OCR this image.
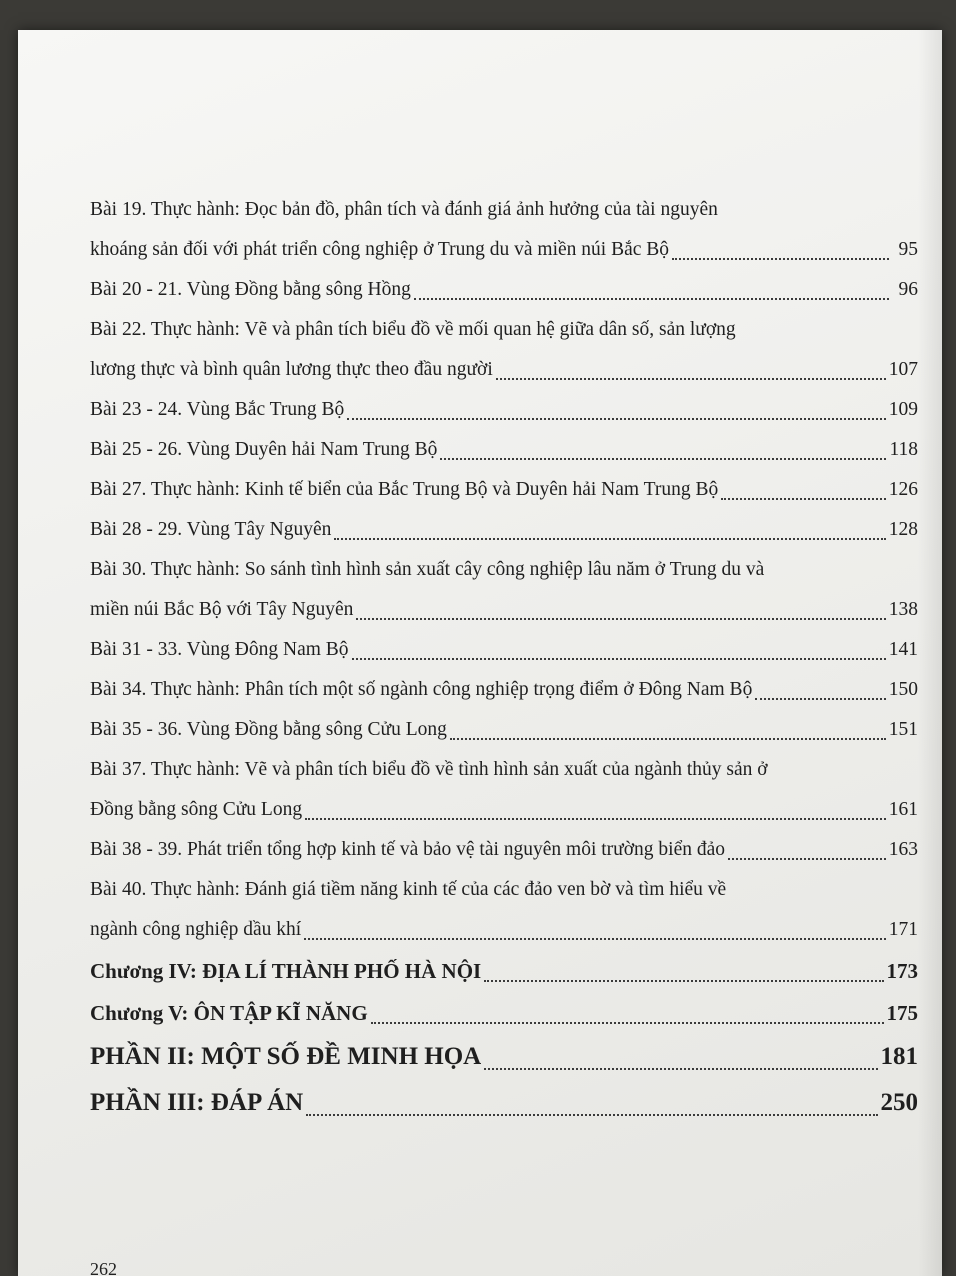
Bài 19. Thực hành: Đọc bản đồ, phân tích và đánh giá ảnh hưởng của tài nguyên
khoáng sản đối với phát triển công nghiệp ở Trung du và miền núi Bắc Bộ	95
Bài 20 - 21. Vùng Đồng bằng sông Hồng	96
Bài 22. Thực hành: Vẽ và phân tích biểu đồ về mối quan hệ giữa dân số, sản lượng
lương thực và bình quân lương thực theo đầu người	107
Bài 23 - 24. Vùng Bắc Trung Bộ	109
Bài 25 - 26. Vùng Duyên hải Nam Trung Bộ	118
Bài 27. Thực hành: Kinh tế biển của Bắc Trung Bộ và Duyên hải Nam Trung Bộ	126
Bài 28 - 29. Vùng Tây Nguyên	128
Bài 30. Thực hành: So sánh tình hình sản xuất cây công nghiệp lâu năm ở Trung du và
miền núi Bắc Bộ với Tây Nguyên	138
Bài 31 - 33. Vùng Đông Nam Bộ	141
Bài 34. Thực hành: Phân tích một số ngành công nghiệp trọng điểm ở Đông Nam Bộ	150
Bài 35 - 36. Vùng Đồng bằng sông Cửu Long	151
Bài 37. Thực hành: Vẽ và phân tích biểu đồ về tình hình sản xuất của ngành thủy sản ở
Đồng bằng sông Cửu Long	161
Bài 38 - 39. Phát triển tổng hợp kinh tế và bảo vệ tài nguyên môi trường biển đảo	163
Bài 40. Thực hành: Đánh giá tiềm năng kinh tế của các đảo ven bờ và tìm hiểu về
ngành công nghiệp dầu khí	171
Chương IV: ĐỊA LÍ THÀNH PHỐ HÀ NỘI	173
Chương V: ÔN TẬP KĨ NĂNG	175
PHẦN II: MỘT SỐ ĐỀ MINH HỌA	181
PHẦN III: ĐÁP ÁN	250
262
